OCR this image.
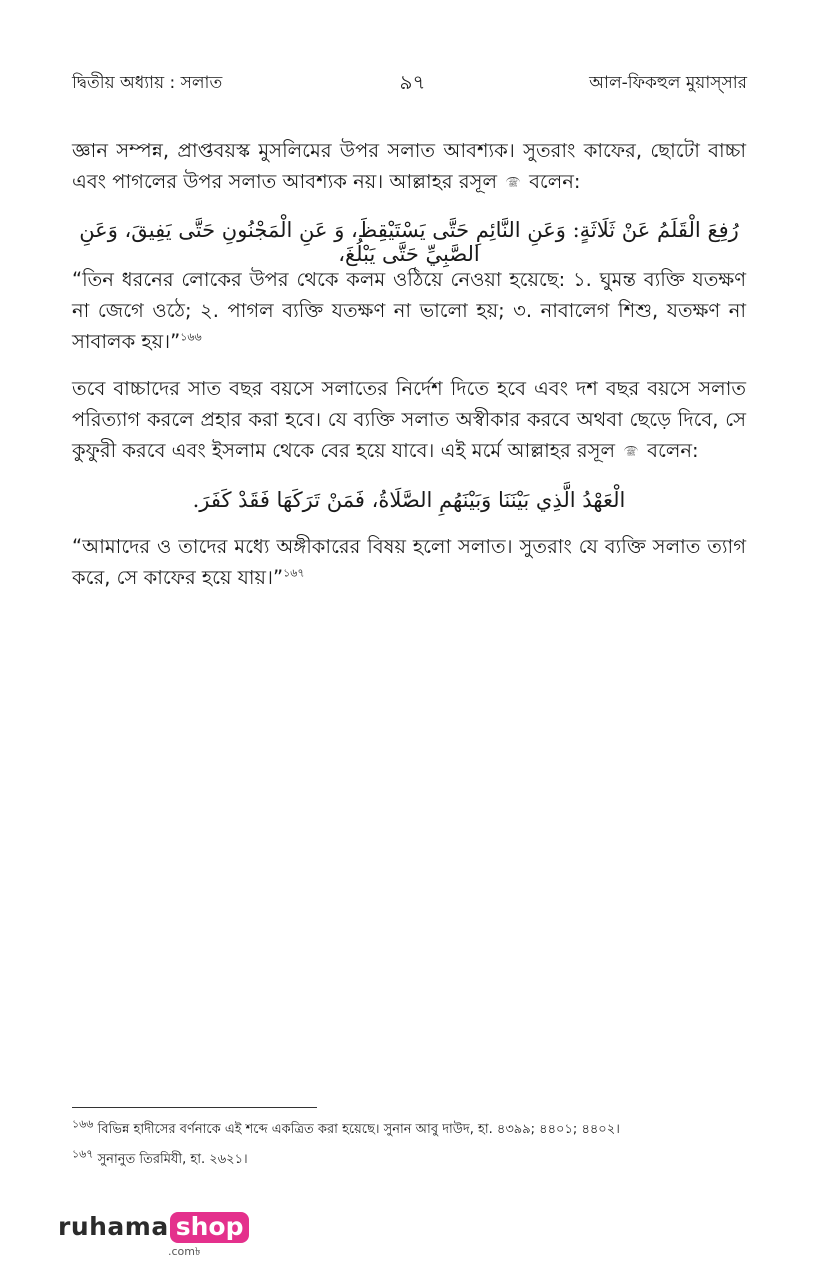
দ্বিতীয় অধ্যায় : সলাত	৯৭	আল-ফিকহুল মুয়াস্সার
জ্ঞান সম্পন্ন, প্রাপ্তবয়স্ক মুসলিমের উপর সলাত আবশ্যক। সুতরাং কাফের, ছোটো বাচ্চা এবং পাগলের উপর সলাত আবশ্যক নয়। আল্লাহর রসূল ﷺ বলেন:
رُفِعَ الْقَلَمُ عَنْ ثَلَاثَةٍ: وَعَنِ النَّائِمِ حَتَّى يَسْتَيْقِظَ، وَ عَنِ الْمَجْنُونِ حَتَّى يَفِيقَ، وَعَنِ الصَّبِيِّ حَتَّى يَبْلُغَ،
“তিন ধরনের লোকের উপর থেকে কলম ওঠিয়ে নেওয়া হয়েছে: ১. ঘুমন্ত ব্যক্তি যতক্ষণ না জেগে ওঠে; ২. পাগল ব্যক্তি যতক্ষণ না ভালো হয়; ৩. নাবালেগ শিশু, যতক্ষণ না সাবালক হয়।”$^{১৬৬}$
তবে বাচ্চাদের সাত বছর বয়সে সলাতের নির্দেশ দিতে হবে এবং দশ বছর বয়সে সলাত পরিত্যাগ করলে প্রহার করা হবে। যে ব্যক্তি সলাত অস্বীকার করবে অথবা ছেড়ে দিবে, সে কুফুরী করবে এবং ইসলাম থেকে বের হয়ে যাবে। এই মর্মে আল্লাহর রসূল ﷺ বলেন:
الْعَهْدُ الَّذِي بَيْنَنَا وَبَيْنَهُمِ الصَّلَاةُ، فَمَنْ تَرَكَهَا فَقَدْ كَفَرَ.
“আমাদের ও তাদের মধ্যে অঙ্গীকারের বিষয় হলো সলাত। সুতরাং যে ব্যক্তি সলাত ত্যাগ করে, সে কাফের হয়ে যায়।”$^{১৬৭}$
$^{১৬৬}$ বিভিন্ন হাদীসের বর্ণনাকে এই শব্দে একত্রিত করা হয়েছে। সুনান আবু দাউদ, হা. ৪৩৯৯; ৪৪০১; ৪৪০২।
$^{১৬৭}$ সুনানুত তিরমিযী, হা. ২৬২১।
ruhama shop
.com৳
